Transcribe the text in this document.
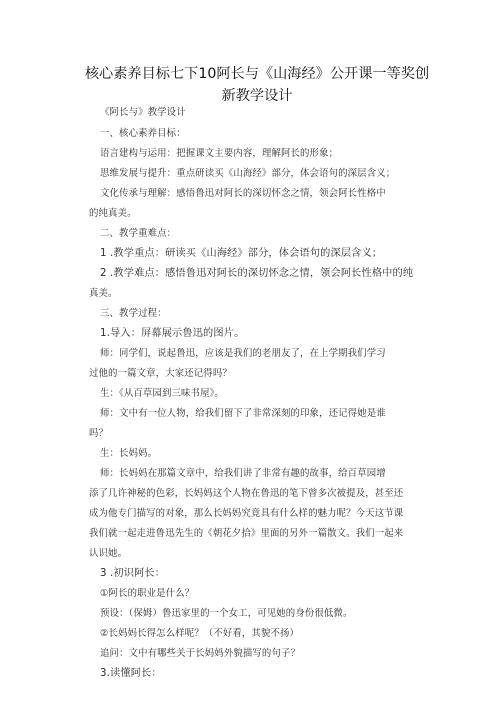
核心素养目标七下10阿长与《山海经》公开课一等奖创
新教学设计
《阿长与》教学设计
一、核心素养目标：
语言建构与运用：把握课文主要内容，理解阿长的形象；
思维发展与提升：重点研读买《山海经》部分，体会语句的深层含义；
文化传承与理解：感悟鲁迅对阿长的深切怀念之情，领会阿长性格中
的纯真美。
二、教学重难点：
1 .教学重点：研读买《山海经》部分，体会语句的深层含义；
2 .教学难点：感悟鲁迅对阿长的深切怀念之情，领会阿长性格中的纯
真美。
三、教学过程：
1.导入：屏幕展示鲁迅的图片。
师：同学们，说起鲁迅，应该是我们的老朋友了，在上学期我们学习
过他的一篇文章，大家还记得吗？
生：《从百草园到三味书屋》。
师：文中有一位人物，给我们留下了非常深刻的印象，还记得她是谁
吗？
生：长妈妈。
师：长妈妈在那篇文章中，给我们讲了非常有趣的故事，给百草园增
添了几许神秘的色彩，长妈妈这个人物在鲁迅的笔下曾多次被提及，甚至还
成为他专门描写的对象，那么长妈妈究竟具有什么样的魅力呢？今天这节课
我们就一起走进鲁迅先生的《朝花夕拾》里面的另外一篇散文。我们一起来
认识她。
3 .初识阿长：
①阿长的职业是什么？
预设：（保姆）鲁迅家里的一个女工，可见她的身份很低微。
②长妈妈长得怎么样呢？（不好看，其貌不扬）
追问：文中有哪些关于长妈妈外貌描写的句子？
3.读懂阿长：
